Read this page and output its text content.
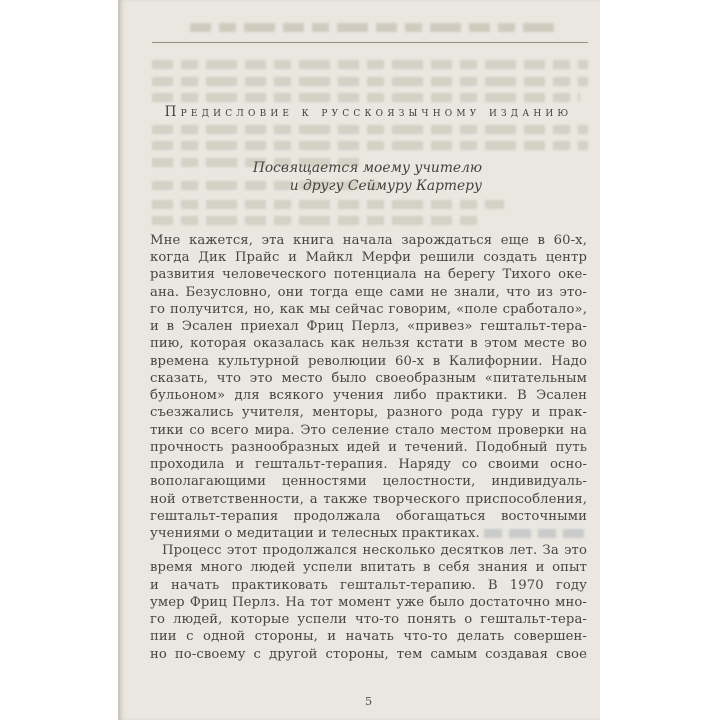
Предисловие к русскоязычному изданию
Посвящается моему учителю
и другу Сеймуру Картеру
Мне кажется, эта книга начала зарождаться еще в 60-х,
когда Дик Прайс и Майкл Мерфи решили создать центр
развития человеческого потенциала на берегу Тихого оке-
ана. Безусловно, они тогда еще сами не знали, что из это-
го получится, но, как мы сейчас говорим, «поле сработало»,
и в Эсален приехал Фриц Перлз, «привез» гештальт-тера-
пию, которая оказалась как нельзя кстати в этом месте во
времена культурной революции 60-х в Калифорнии. Надо
сказать, что это место было своеобразным «питательным
бульоном» для всякого учения либо практики. В Эсален
съезжались учителя, менторы, разного рода гуру и прак-
тики со всего мира. Это селение стало местом проверки на
прочность разнообразных идей и течений. Подобный путь
проходила и гештальт-терапия. Наряду со своими осно-
вополагающими ценностями целостности, индивидуаль-
ной ответственности, а также творческого приспособления,
гештальт-терапия продолжала обогащаться восточными
учениями о медитации и телесных практиках.
Процесс этот продолжался несколько десятков лет. За это
время много людей успели впитать в себя знания и опыт
и начать практиковать гештальт-терапию. В 1970 году
умер Фриц Перлз. На тот момент уже было достаточно мно-
го людей, которые успели что-то понять о гештальт-тера-
пии с одной стороны, и начать что-то делать совершен-
но по-своему с другой стороны, тем самым создавая свое
5
